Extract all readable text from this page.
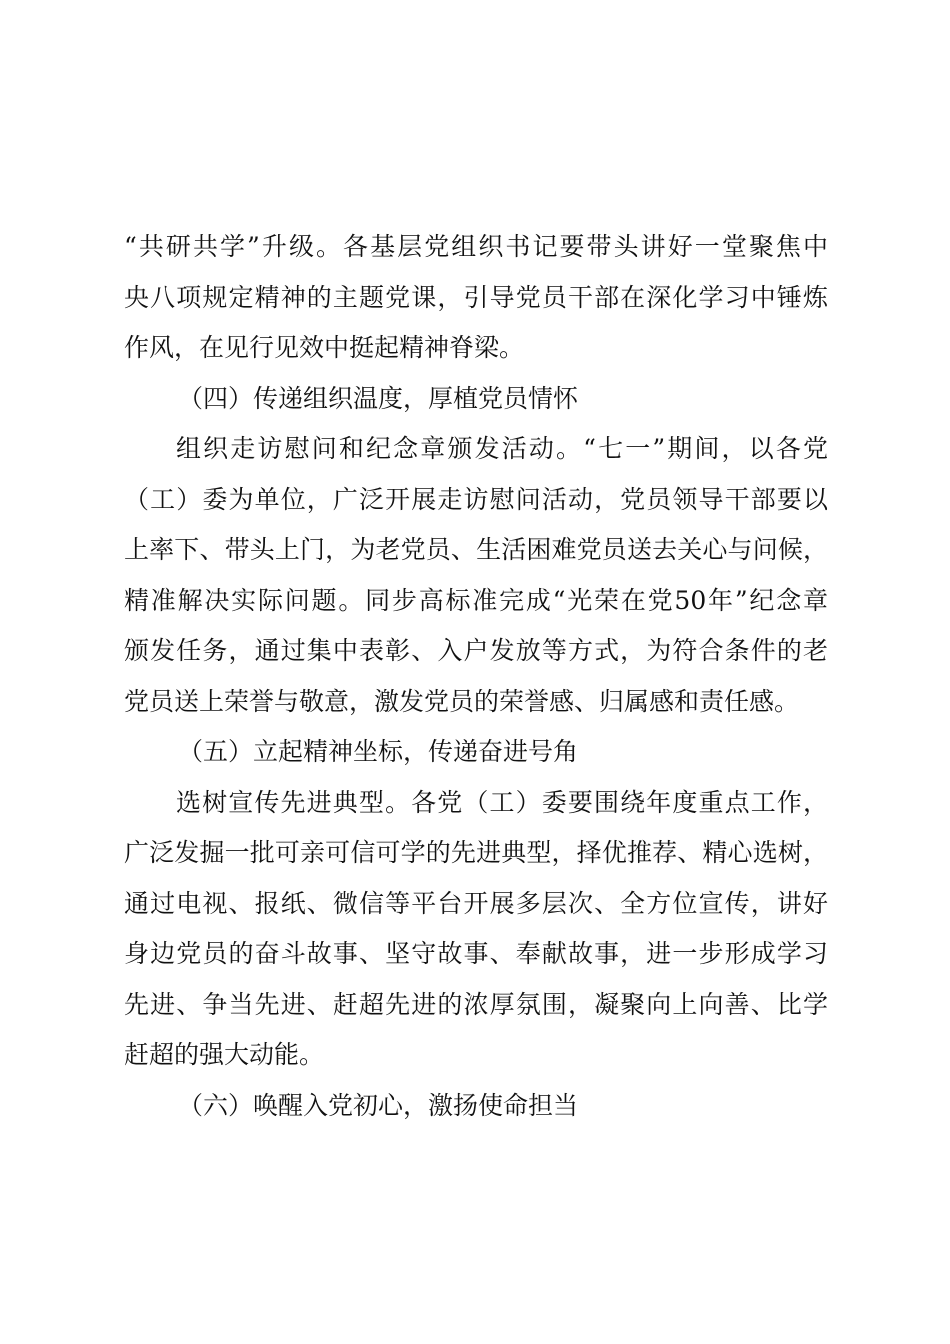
“共研共学”升级。各基层党组织书记要带头讲好一堂聚焦中
央八项规定精神的主题党课，引导党员干部在深化学习中锤炼
作风，在见行见效中挺起精神脊梁。
（四）传递组织温度，厚植党员情怀
组织走访慰问和纪念章颁发活动。“七一”期间，以各党
（工）委为单位，广泛开展走访慰问活动，党员领导干部要以
上率下、带头上门，为老党员、生活困难党员送去关心与问候，
精准解决实际问题。同步高标准完成“光荣在党50年”纪念章
颁发任务，通过集中表彰、入户发放等方式，为符合条件的老
党员送上荣誉与敬意，激发党员的荣誉感、归属感和责任感。
（五）立起精神坐标，传递奋进号角
选树宣传先进典型。各党（工）委要围绕年度重点工作，
广泛发掘一批可亲可信可学的先进典型，择优推荐、精心选树，
通过电视、报纸、微信等平台开展多层次、全方位宣传，讲好
身边党员的奋斗故事、坚守故事、奉献故事，进一步形成学习
先进、争当先进、赶超先进的浓厚氛围，凝聚向上向善、比学
赶超的强大动能。
（六）唤醒入党初心，激扬使命担当
